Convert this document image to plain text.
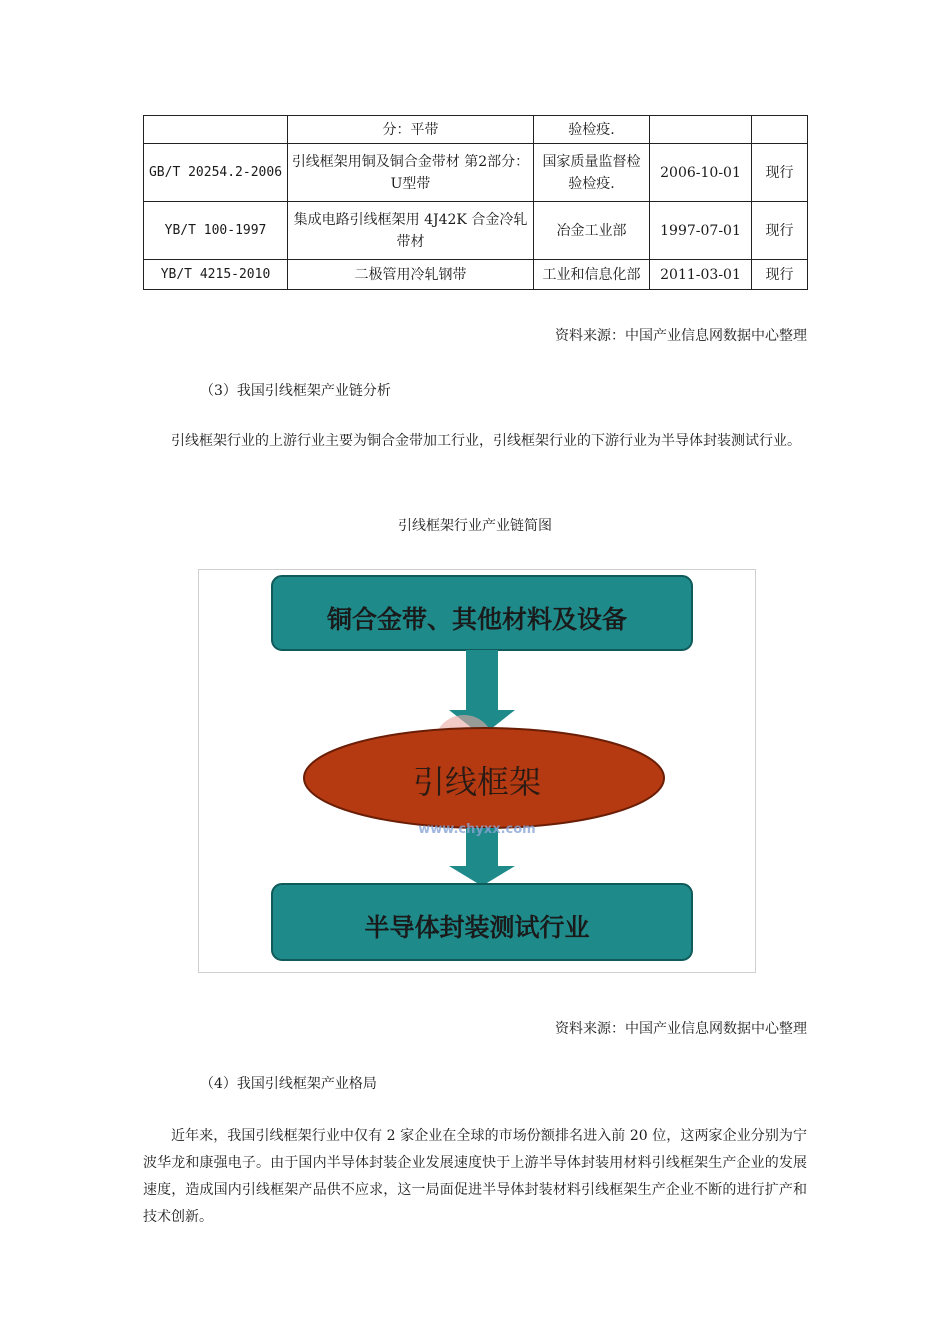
	分：平带	验检疫.		
GB/T 20254.2-2006	引线框架用铜及铜合金带材 第2部分：U型带	国家质量监督检验检疫.	2006-10-01	现行
YB/T 100-1997	集成电路引线框架用 4J42K 合金冷轧带材	冶金工业部	1997-07-01	现行
YB/T 4215-2010	二极管用冷轧钢带	工业和信息化部	2011-03-01	现行
资料来源：中国产业信息网数据中心整理
（3）我国引线框架产业链分析
引线框架行业的上游行业主要为铜合金带加工行业，引线框架行业的下游行业为半导体封装测试行业。
引线框架行业产业链简图
铜合金带、其他材料及设备
引线框架
www.chyxx.com
半导体封装测试行业
资料来源：中国产业信息网数据中心整理
（4）我国引线框架产业格局
近年来，我国引线框架行业中仅有 2 家企业在全球的市场份额排名进入前 20 位，这两家企业分别为宁波华龙和康强电子。由于国内半导体封装企业发展速度快于上游半导体封装用材料引线框架生产企业的发展速度，造成国内引线框架产品供不应求，这一局面促进半导体封装材料引线框架生产企业不断的进行扩产和技术创新。
